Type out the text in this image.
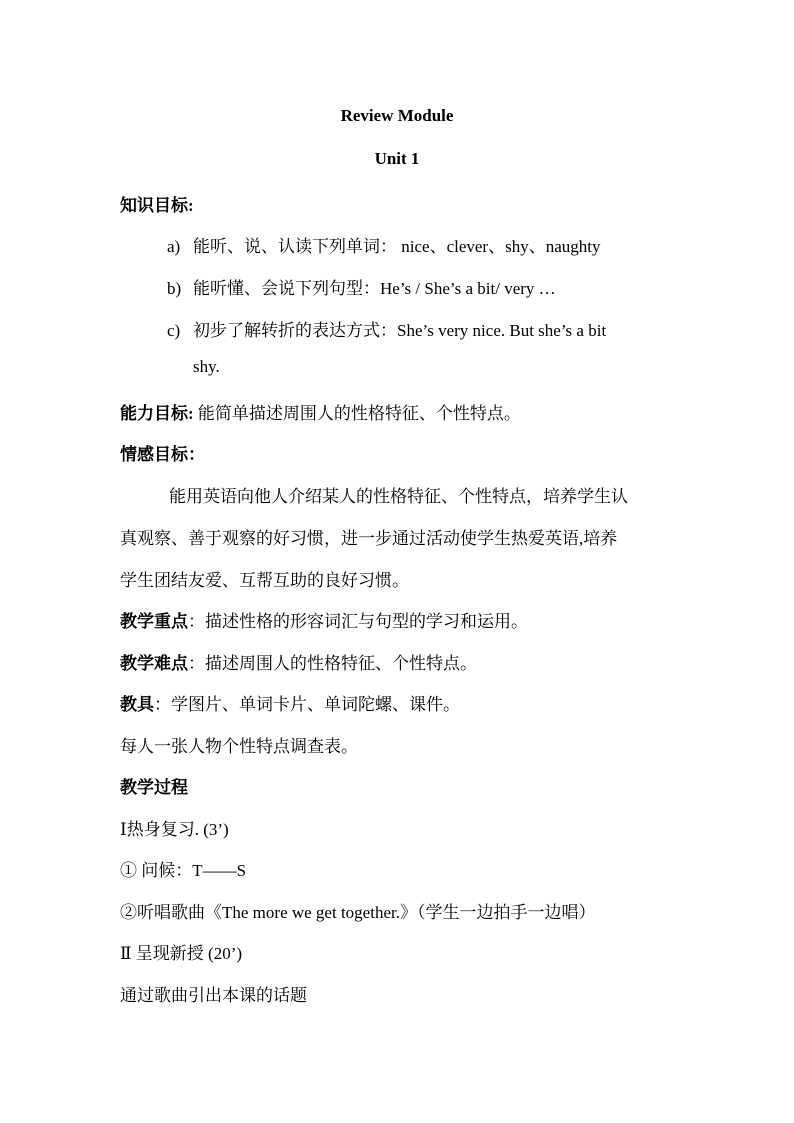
Review Module
Unit 1
知识目标:
a) 能听、说、认读下列单词： nice、clever、shy、naughty
b) 能听懂、会说下列句型：He’s / She’s a bit/ very …
c) 初步了解转折的表达方式：She’s very nice. But she’s a bit
shy.
能力目标: 能简单描述周围人的性格特征、个性特点。
情感目标：
能用英语向他人介绍某人的性格特征、个性特点，培养学生认
真观察、善于观察的好习惯，进一步通过活动使学生热爱英语,培养
学生团结友爱、互帮互助的良好习惯。
教学重点：描述性格的形容词汇与句型的学习和运用。
教学难点：描述周围人的性格特征、个性特点。
教具：学图片、单词卡片、单词陀螺、课件。
每人一张人物个性特点调查表。
教学过程
Ⅰ热身复习. (3’)
① 问候：T——S
②听唱歌曲《The more we get together.》（学生一边拍手一边唱）
Ⅱ 呈现新授 (20’)
通过歌曲引出本课的话题
